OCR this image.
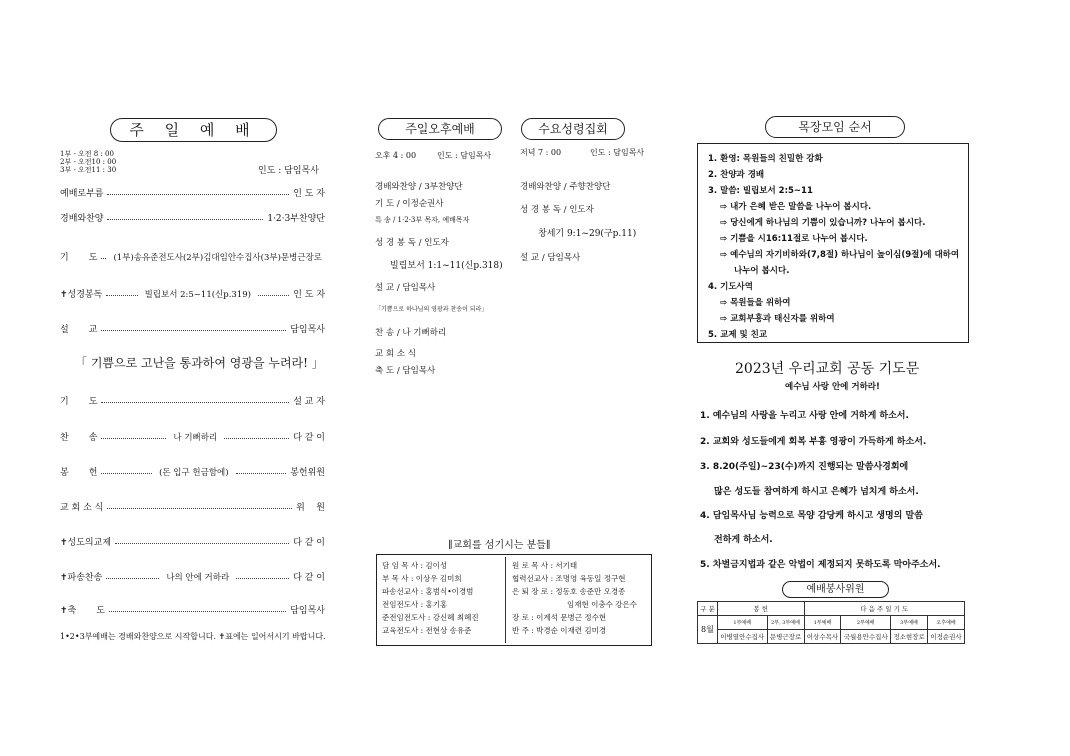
주 일 예 배
1부 - 오전 8 : 00
2부 - 오전10 : 00
3부 - 오전11 : 30	인도 : 담임목사
예배로부름	인 도 자
경배와찬양	1·2·3부찬양단
기       도	(1부)송유준전도사(2부)김대임안수집사(3부)문병근장로
✝성경봉독	빌립보서 2:5~11(신p.319)	인 도 자
설       교	담임목사
「 기쁨으로 고난을 통과하여 영광을 누려라! 」
기       도	설 교 자
찬       송	나 기뻐하리	다 같 이
봉       헌	(돈 입구 헌금함에)	봉헌위원
교 회 소 식	위    원
✝성도의교제	다 같 이
✝파송찬송	나의 안에 거하라	다 같 이
✝축       도	담임목사
1•2•3부예배는 경배와찬양으로 시작합니다. ✝표에는 일어서시기 바랍니다.
주일오후예배	수요성령집회
오후 4 : 00	인도 : 담임목사	저녁 7 : 00	인도 : 담임목사
경배와찬양 / 3부찬양단
기 도 / 이정순권사
특 송 / 1·2·3부 목자, 예배목자
성 경 봉 독 / 인도자
빌립보서 1:1~11(신p.318)
설 교 / 담임목사
「기쁨으로 하나님의 영광과 찬송이 되라」
찬 송 / 나 기뻐하리
교 회 소 식
축 도 / 담임목사
경배와찬양 / 주향찬양단
성 경 봉 독 / 인도자
창세기 9:1~29(구p.11)
설 교 / 담임목사
∥교회를 섬기시는 분들∥
담 임 목 사 : 김이성
부 목 사 : 이상우 김미희
파송선교사 : 홍범식•이경범
전임전도사 : 홍기홍
준전임전도사 : 강신혜 최혜진
교육전도사 : 전현상 송유준
원 로 목 사 : 서기태
협력선교사 : 조명영 육동일 정구현
은 퇴 장 로 : 정동호 송준만 오경종
임재현 이충수 강은수
장 로 : 이계석 문병근 정수현
반 주 : 박경순 이재련 김미경
목장모임 순서
1. 환영: 목원들의 친밀한 강화
2. 찬양과 경배
3. 말씀: 빌립보서 2:5~11
⇨ 내가 은혜 받은 말씀을 나누어 봅시다.
⇨ 당신에게 하나님의 기쁨이 있습니까? 나누어 봅시다.
⇨ 기쁨을 시16:11절로 나누어 봅시다.
⇨ 예수님의 자기비하와(7,8절) 하나님이 높이심(9절)에 대하여
나누어 봅시다.
4. 기도사역
⇨ 목원들을 위하여
⇨ 교회부흥과 태신자를 위하여
5. 교제 및 친교
2023년 우리교회 공동 기도문
예수님 사랑 안에 거하라!
1. 예수님의 사랑을 누리고 사랑 안에 거하게 하소서.
2. 교회와 성도들에게 회복 부흥 영광이 가득하게 하소서.
3. 8.20(주일)~23(수)까지 진행되는 말씀사경회에
많은 성도들 참여하게 하시고 은혜가 넘치게 하소서.
4. 담임목사님 능력으로 목양 감당케 하시고 생명의 말씀
전하게 하소서.
5. 차별금지법과 같은 악법이 제정되지 못하도록 막아주소서.
예배봉사위원
구 분	봉 헌		다 음 주 일 기 도			
8월	1부예배	2부, 3부예배	1부예배	2부예배	3부예배	오후예배
	이병열안수집사	문병근장로	이상수목사	국월용안수집사	정소현장로	이정순권사
